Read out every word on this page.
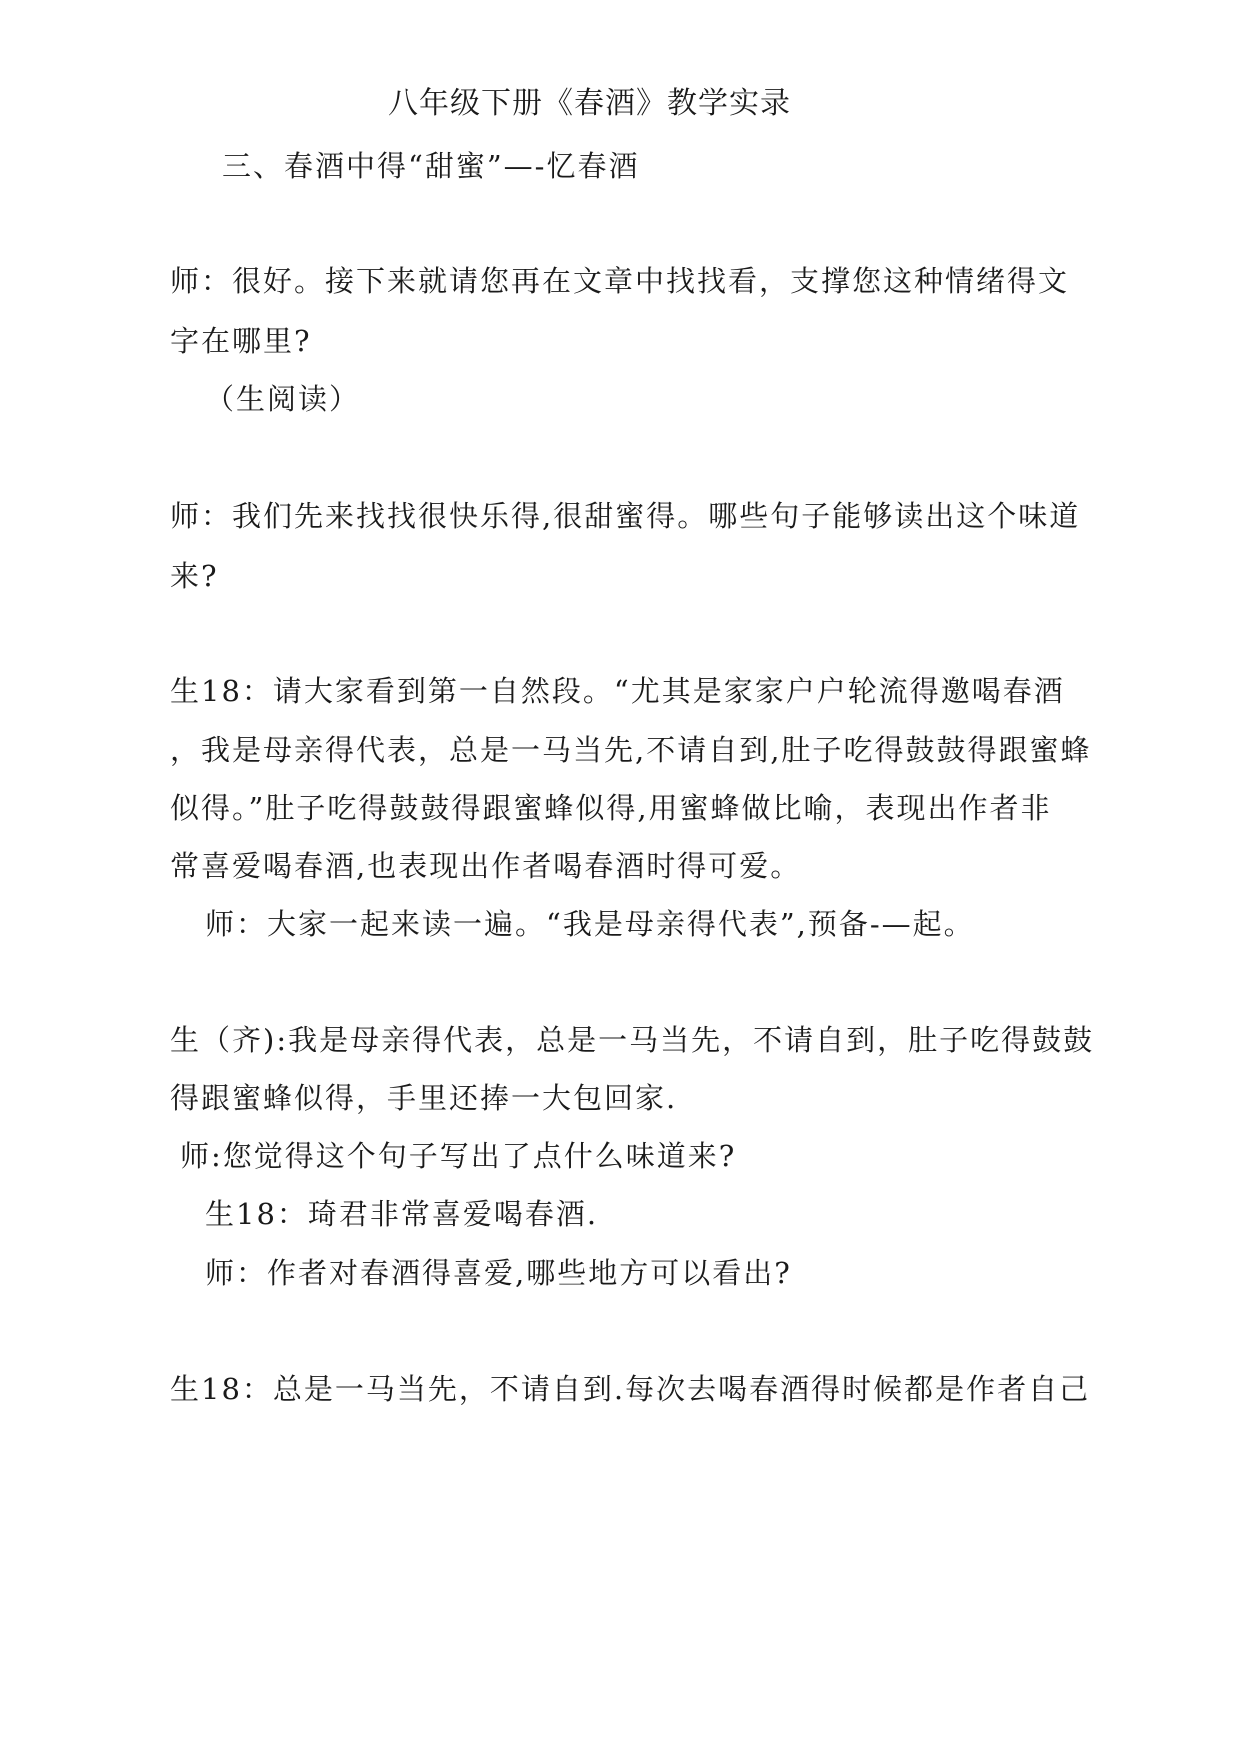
八年级下册《春酒》教学实录
三、春酒中得“甜蜜”—-忆春酒
师：很好。接下来就请您再在文章中找找看，支撑您这种情绪得文
字在哪里?
（生阅读）
师：我们先来找找很快乐得,很甜蜜得。哪些句子能够读出这个味道
来?
生18：请大家看到第一自然段。“尤其是家家户户轮流得邀喝春酒
，我是母亲得代表，总是一马当先,不请自到,肚子吃得鼓鼓得跟蜜蜂
似得。”肚子吃得鼓鼓得跟蜜蜂似得,用蜜蜂做比喻，表现出作者非
常喜爱喝春酒,也表现出作者喝春酒时得可爱。
师：大家一起来读一遍。“我是母亲得代表”,预备-—起。
生（齐):我是母亲得代表，总是一马当先，不请自到，肚子吃得鼓鼓
得跟蜜蜂似得，手里还捧一大包回家.
师:您觉得这个句子写出了点什么味道来?
生18：琦君非常喜爱喝春酒.
师：作者对春酒得喜爱,哪些地方可以看出?
生18：总是一马当先，不请自到.每次去喝春酒得时候都是作者自己
